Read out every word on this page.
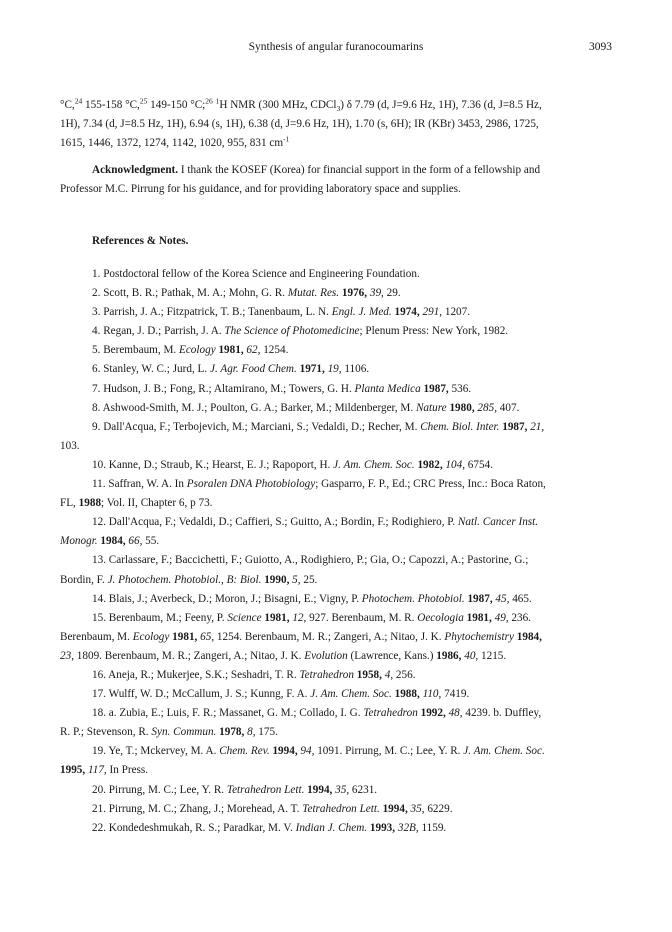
Synthesis of angular furanocoumarins	3093
°C,$^{24}$ 155-158 °C,$^{25}$ 149-150 °C;$^{26}$ $^1$H NMR (300 MHz, CDCl$_3$) δ 7.79 (d, J=9.6 Hz, 1H), 7.36 (d, J=8.5 Hz,
1H), 7.34 (d, J=8.5 Hz, 1H), 6.94 (s, 1H), 6.38 (d, J=9.6 Hz, 1H), 1.70 (s, 6H); IR (KBr) 3453, 2986, 1725,
1615, 1446, 1372, 1274, 1142, 1020, 955, 831 $cm^{-1}$
Acknowledgment. I thank the KOSEF (Korea) for financial support in the form of a fellowship and
Professor M.C. Pirrung for his guidance, and for providing laboratory space and supplies.
References & Notes.
1. Postdoctoral fellow of the Korea Science and Engineering Foundation.
2. Scott, B. R.; Pathak, M. A.; Mohn, G. R. Mutat. Res. 1976, 39, 29.
3. Parrish, J. A.; Fitzpatrick, T. B.; Tanenbaum, L. N. Engl. J. Med. 1974, 291, 1207.
4. Regan, J. D.; Parrish, J. A. The Science of Photomedicine; Plenum Press: New York, 1982.
5. Berembaum, M. Ecology 1981, 62, 1254.
6. Stanley, W. C.; Jurd, L. J. Agr. Food Chem. 1971, 19, 1106.
7. Hudson, J. B.; Fong, R.; Altamirano, M.; Towers, G. H. Planta Medica 1987, 536.
8. Ashwood-Smith, M. J.; Poulton, G. A.; Barker, M.; Mildenberger, M. Nature 1980, 285, 407.
9. Dall'Acqua, F.; Terbojevich, M.; Marciani, S.; Vedaldi, D.; Recher, M. Chem. Biol. Inter. 1987, 21,
103.
10. Kanne, D.; Straub, K.; Hearst, E. J.; Rapoport, H. J. Am. Chem. Soc. 1982, 104, 6754.
11. Saffran, W. A. In Psoralen DNA Photobiology; Gasparro, F. P., Ed.; CRC Press, Inc.: Boca Raton,
FL, 1988; Vol. II, Chapter 6, p 73.
12. Dall'Acqua, F.; Vedaldi, D.; Caffieri, S.; Guitto, A.; Bordin, F.; Rodighiero, P. Natl. Cancer Inst.
Monogr. 1984, 66, 55.
13. Carlassare, F.; Baccichetti, F.; Guiotto, A., Rodighiero, P.; Gia, O.; Capozzi, A.; Pastorine, G.;
Bordin, F. J. Photochem. Photobiol., B: Biol. 1990, 5, 25.
14. Blais, J.; Averbeck, D.; Moron, J.; Bisagni, E.; Vigny, P. Photochem. Photobiol. 1987, 45, 465.
15. Berenbaum, M.; Feeny, P. Science 1981, 12, 927. Berenbaum, M. R. Oecologia 1981, 49, 236.
Berenbaum, M. Ecology 1981, 65, 1254. Berenbaum, M. R.; Zangeri, A.; Nitao, J. K. Phytochemistry 1984,
23, 1809. Berenbaum, M. R.; Zangeri, A.; Nitao, J. K. Evolution (Lawrence, Kans.) 1986, 40, 1215.
16. Aneja, R.; Mukerjee, S.K.; Seshadri, T. R. Tetrahedron 1958, 4, 256.
17. Wulff, W. D.; McCallum, J. S.; Kunng, F. A. J. Am. Chem. Soc. 1988, 110, 7419.
18. a. Zubia, E.; Luis, F. R.; Massanet, G. M.; Collado, I. G. Tetrahedron 1992, 48, 4239. b. Duffley,
R. P.; Stevenson, R. Syn. Commun. 1978, 8, 175.
19. Ye, T.; Mckervey, M. A. Chem. Rev. 1994, 94, 1091. Pirrung, M. C.; Lee, Y. R. J. Am. Chem. Soc.
1995, 117, In Press.
20. Pirrung, M. C.; Lee, Y. R. Tetrahedron Lett. 1994, 35, 6231.
21. Pirrung, M. C.; Zhang, J.; Morehead, A. T. Tetrahedron Lett. 1994, 35, 6229.
22. Kondedeshmukah, R. S.; Paradkar, M. V. Indian J. Chem. 1993, 32B, 1159.
